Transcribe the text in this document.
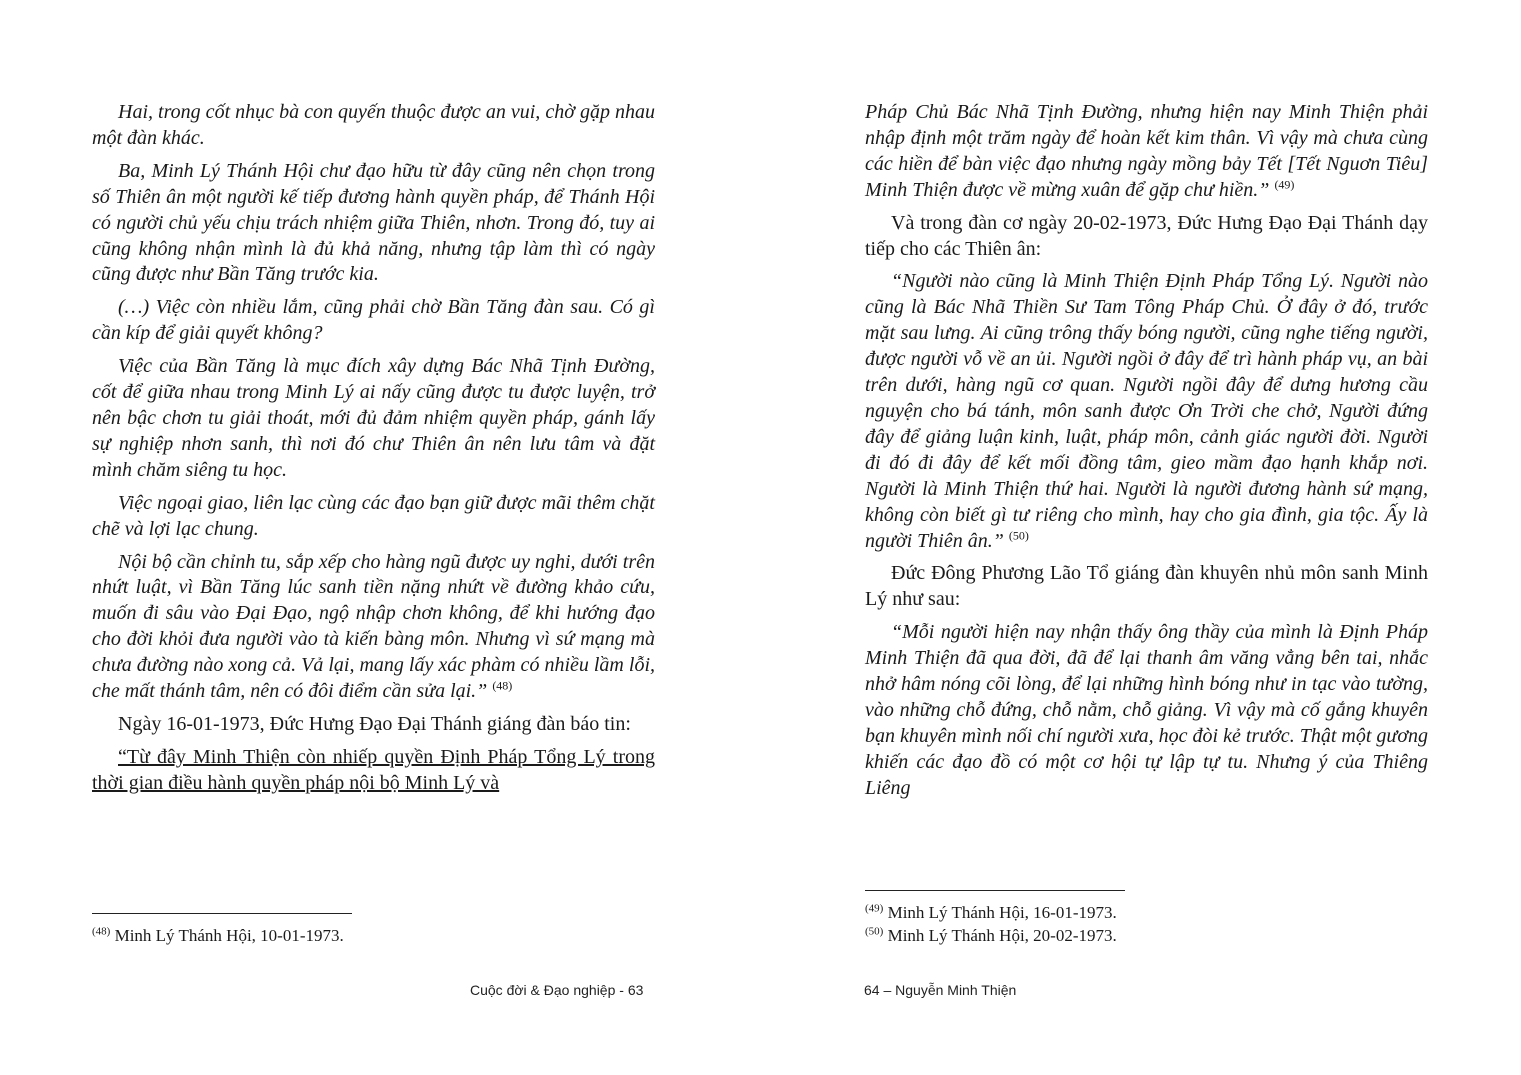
Hai, trong cốt nhục bà con quyến thuộc được an vui, chờ gặp nhau một đàn khác.

Ba, Minh Lý Thánh Hội chư đạo hữu từ đây cũng nên chọn trong số Thiên ân một người kế tiếp đương hành quyền pháp, để Thánh Hội có người chủ yếu chịu trách nhiệm giữa Thiên, nhơn. Trong đó, tuy ai cũng không nhận mình là đủ khả năng, nhưng tập làm thì có ngày cũng được như Bần Tăng trước kia.

(…) Việc còn nhiều lắm, cũng phải chờ Bần Tăng đàn sau. Có gì cần kíp để giải quyết không?

Việc của Bần Tăng là mục đích xây dựng Bác Nhã Tịnh Đường, cốt để giữa nhau trong Minh Lý ai nấy cũng được tu được luyện, trở nên bậc chơn tu giải thoát, mới đủ đảm nhiệm quyền pháp, gánh lấy sự nghiệp nhơn sanh, thì nơi đó chư Thiên ân nên lưu tâm và đặt mình chăm siêng tu học.

Việc ngoại giao, liên lạc cùng các đạo bạn giữ được mãi thêm chặt chẽ và lợi lạc chung.

Nội bộ cần chỉnh tu, sắp xếp cho hàng ngũ được uy nghi, dưới trên nhứt luật, vì Bần Tăng lúc sanh tiền nặng nhứt về đường khảo cứu, muốn đi sâu vào Đại Đạo, ngộ nhập chơn không, để khi hướng đạo cho đời khỏi đưa người vào tà kiến bàng môn. Nhưng vì sứ mạng mà chưa đường nào xong cả. Vả lại, mang lấy xác phàm có nhiều lầm lỗi, che mất thánh tâm, nên có đôi điểm cần sửa lại.” $^{(48)}$

Ngày 16-01-1973, Đức Hưng Đạo Đại Thánh giáng đàn báo tin:

“Từ đây Minh Thiện còn nhiếp quyền Định Pháp Tổng Lý trong thời gian điều hành quyền pháp nội bộ Minh Lý và

$^{(48)}$ Minh Lý Thánh Hội, 10-01-1973.
Cuộc đời & Đạo nghiệp - 63

Pháp Chủ Bác Nhã Tịnh Đường, nhưng hiện nay Minh Thiện phải nhập định một trăm ngày để hoàn kết kim thân. Vì vậy mà chưa cùng các hiền để bàn việc đạo nhưng ngày mồng bảy Tết [Tết Nguơn Tiêu] Minh Thiện được về mừng xuân để gặp chư hiền.” $^{(49)}$

Và trong đàn cơ ngày 20-02-1973, Đức Hưng Đạo Đại Thánh dạy tiếp cho các Thiên ân:

“Người nào cũng là Minh Thiện Định Pháp Tổng Lý. Người nào cũng là Bác Nhã Thiền Sư Tam Tông Pháp Chủ. Ở đây ở đó, trước mặt sau lưng. Ai cũng trông thấy bóng người, cũng nghe tiếng người, được người vỗ về an ủi. Người ngồi ở đây để trì hành pháp vụ, an bài trên dưới, hàng ngũ cơ quan. Người ngồi đây để dưng hương cầu nguyện cho bá tánh, môn sanh được Ơn Trời che chở, Người đứng đây để giảng luận kinh, luật, pháp môn, cảnh giác người đời. Người đi đó đi đây để kết mối đồng tâm, gieo mầm đạo hạnh khắp nơi. Người là Minh Thiện thứ hai. Người là người đương hành sứ mạng, không còn biết gì tư riêng cho mình, hay cho gia đình, gia tộc. Ấy là người Thiên ân.” $^{(50)}$

Đức Đông Phương Lão Tổ giáng đàn khuyên nhủ môn sanh Minh Lý như sau:

“Mỗi người hiện nay nhận thấy ông thầy của mình là Định Pháp Minh Thiện đã qua đời, đã để lại thanh âm văng vẳng bên tai, nhắc nhở hâm nóng cõi lòng, để lại những hình bóng như in tạc vào tường, vào những chỗ đứng, chỗ nằm, chỗ giảng. Vì vậy mà cố gắng khuyên bạn khuyên mình nối chí người xưa, học đòi kẻ trước. Thật một gương khiến các đạo đồ có một cơ hội tự lập tự tu. Nhưng ý của Thiêng Liêng

$^{(49)}$ Minh Lý Thánh Hội, 16-01-1973.
$^{(50)}$ Minh Lý Thánh Hội, 20-02-1973.
64 – Nguyễn Minh Thiện
